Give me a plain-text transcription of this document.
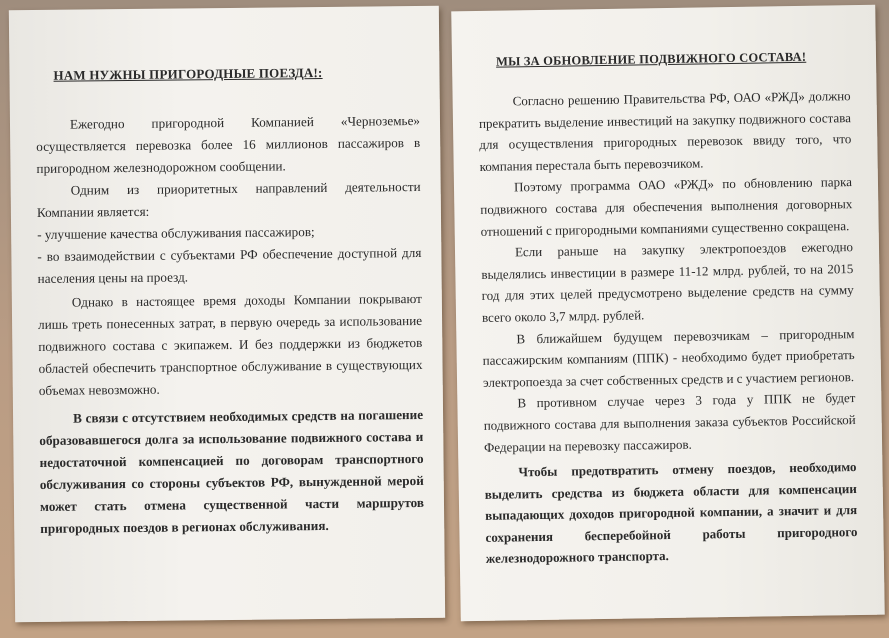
НАМ НУЖНЫ ПРИГОРОДНЫЕ ПОЕЗДА!:

Ежегодно пригородной Компанией «Черноземье» осуществляется перевозка более 16 миллионов пассажиров в пригородном железнодорожном сообщении.

Одним из приоритетных направлений деятельности Компании является:

- улучшение качества обслуживания пассажиров;

- во взаимодействии с субъектами РФ обеспечение доступной для населения цены на проезд.

Однако в настоящее время доходы Компании покрывают лишь треть понесенных затрат, в первую очередь за использование подвижного состава с экипажем. И без поддержки из бюджетов областей обеспечить транспортное обслуживание в существующих объемах невозможно.

В связи с отсутствием необходимых средств на погашение образовавшегося долга за использование подвижного состава и недостаточной компенсацией по договорам транспортного обслуживания со стороны субъектов РФ, вынужденной мерой может стать отмена существенной части маршрутов пригородных поездов в регионах обслуживания.

МЫ ЗА ОБНОВЛЕНИЕ ПОДВИЖНОГО СОСТАВА!

Согласно решению Правительства РФ, ОАО «РЖД» должно прекратить выделение инвестиций на закупку подвижного состава для осуществления пригородных перевозок ввиду того, что компания перестала быть перевозчиком.

Поэтому программа ОАО «РЖД» по обновлению парка подвижного состава для обеспечения выполнения договорных отношений с пригородными компаниями существенно сокращена.

Если раньше на закупку электропоездов ежегодно выделялись инвестиции в размере 11-12 млрд. рублей, то на 2015 год для этих целей предусмотрено выделение средств на сумму всего около 3,7 млрд. рублей.

В ближайшем будущем перевозчикам – пригородным пассажирским компаниям (ППК) - необходимо будет приобретать электропоезда за счет собственных средств и с участием регионов.

В противном случае через 3 года у ППК не будет подвижного состава для выполнения заказа субъектов Российской Федерации на перевозку пассажиров.

Чтобы предотвратить отмену поездов, необходимо выделить средства из бюджета области для компенсации выпадающих доходов пригородной компании, а значит и для сохранения бесперебойной работы пригородного железнодорожного транспорта.
